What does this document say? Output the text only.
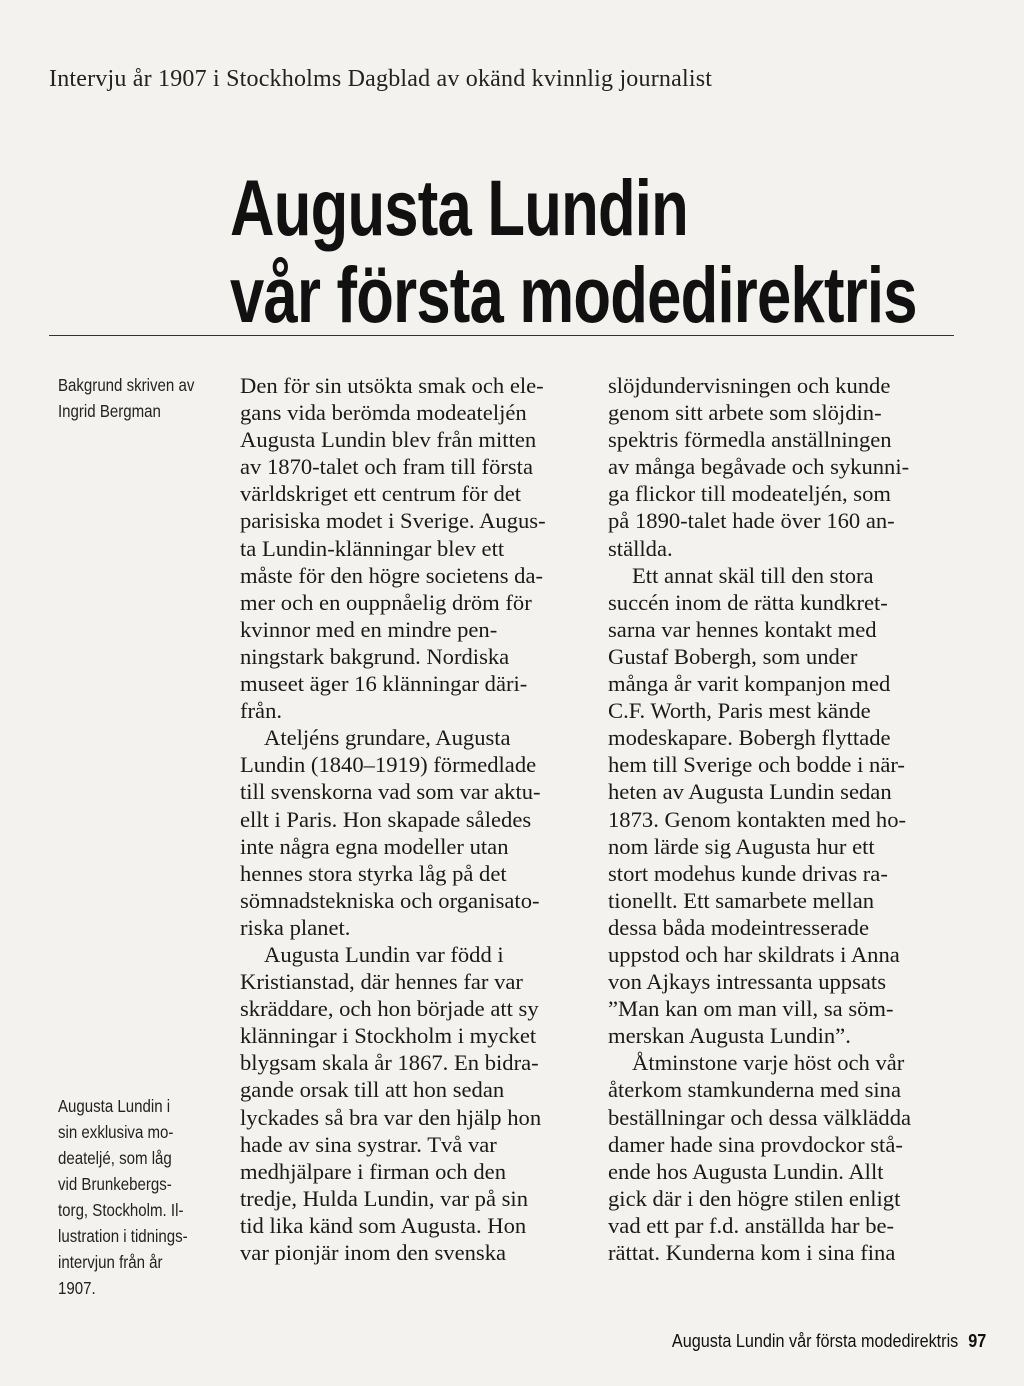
Intervju år 1907 i Stockholms Dagblad av okänd kvinnlig journalist
Augusta Lundin
vår första modedirektris
Bakgrund skriven av
Ingrid Bergman
Augusta Lundin i
sin exklusiva mo-
deateljé, som låg
vid Brunkebergs-
torg, Stockholm. Il-
lustration i tidnings-
intervjun från år
1907.
Den för sin utsökta smak och ele-
gans vida berömda modeateljén
Augusta Lundin blev från mitten
av 1870-talet och fram till första
världskriget ett centrum för det
parisiska modet i Sverige. Augus-
ta Lundin-klänningar blev ett
måste för den högre societens da-
mer och en ouppnåelig dröm för
kvinnor med en mindre pen-
ningstark bakgrund. Nordiska
museet äger 16 klänningar däri-
från.
Ateljéns grundare, Augusta
Lundin (1840–1919) förmedlade
till svenskorna vad som var aktu-
ellt i Paris. Hon skapade således
inte några egna modeller utan
hennes stora styrka låg på det
sömnadstekniska och organisato-
riska planet.
Augusta Lundin var född i
Kristianstad, där hennes far var
skräddare, och hon började att sy
klänningar i Stockholm i mycket
blygsam skala år 1867. En bidra-
gande orsak till att hon sedan
lyckades så bra var den hjälp hon
hade av sina systrar. Två var
medhjälpare i firman och den
tredje, Hulda Lundin, var på sin
tid lika känd som Augusta. Hon
var pionjär inom den svenska
slöjdundervisningen och kunde
genom sitt arbete som slöjdin-
spektris förmedla anställningen
av många begåvade och sykunni-
ga flickor till modeateljén, som
på 1890-talet hade över 160 an-
ställda.
Ett annat skäl till den stora
succén inom de rätta kundkret-
sarna var hennes kontakt med
Gustaf Bobergh, som under
många år varit kompanjon med
C.F. Worth, Paris mest kände
modeskapare. Bobergh flyttade
hem till Sverige och bodde i när-
heten av Augusta Lundin sedan
1873. Genom kontakten med ho-
nom lärde sig Augusta hur ett
stort modehus kunde drivas ra-
tionellt. Ett samarbete mellan
dessa båda modeintresserade
uppstod och har skildrats i Anna
von Ajkays intressanta uppsats
”Man kan om man vill, sa söm-
merskan Augusta Lundin”.
Åtminstone varje höst och vår
återkom stamkunderna med sina
beställningar och dessa välklädda
damer hade sina provdockor stå-
ende hos Augusta Lundin. Allt
gick där i den högre stilen enligt
vad ett par f.d. anställda har be-
rättat. Kunderna kom i sina fina
Augusta Lundin vår första modedirektris 97
